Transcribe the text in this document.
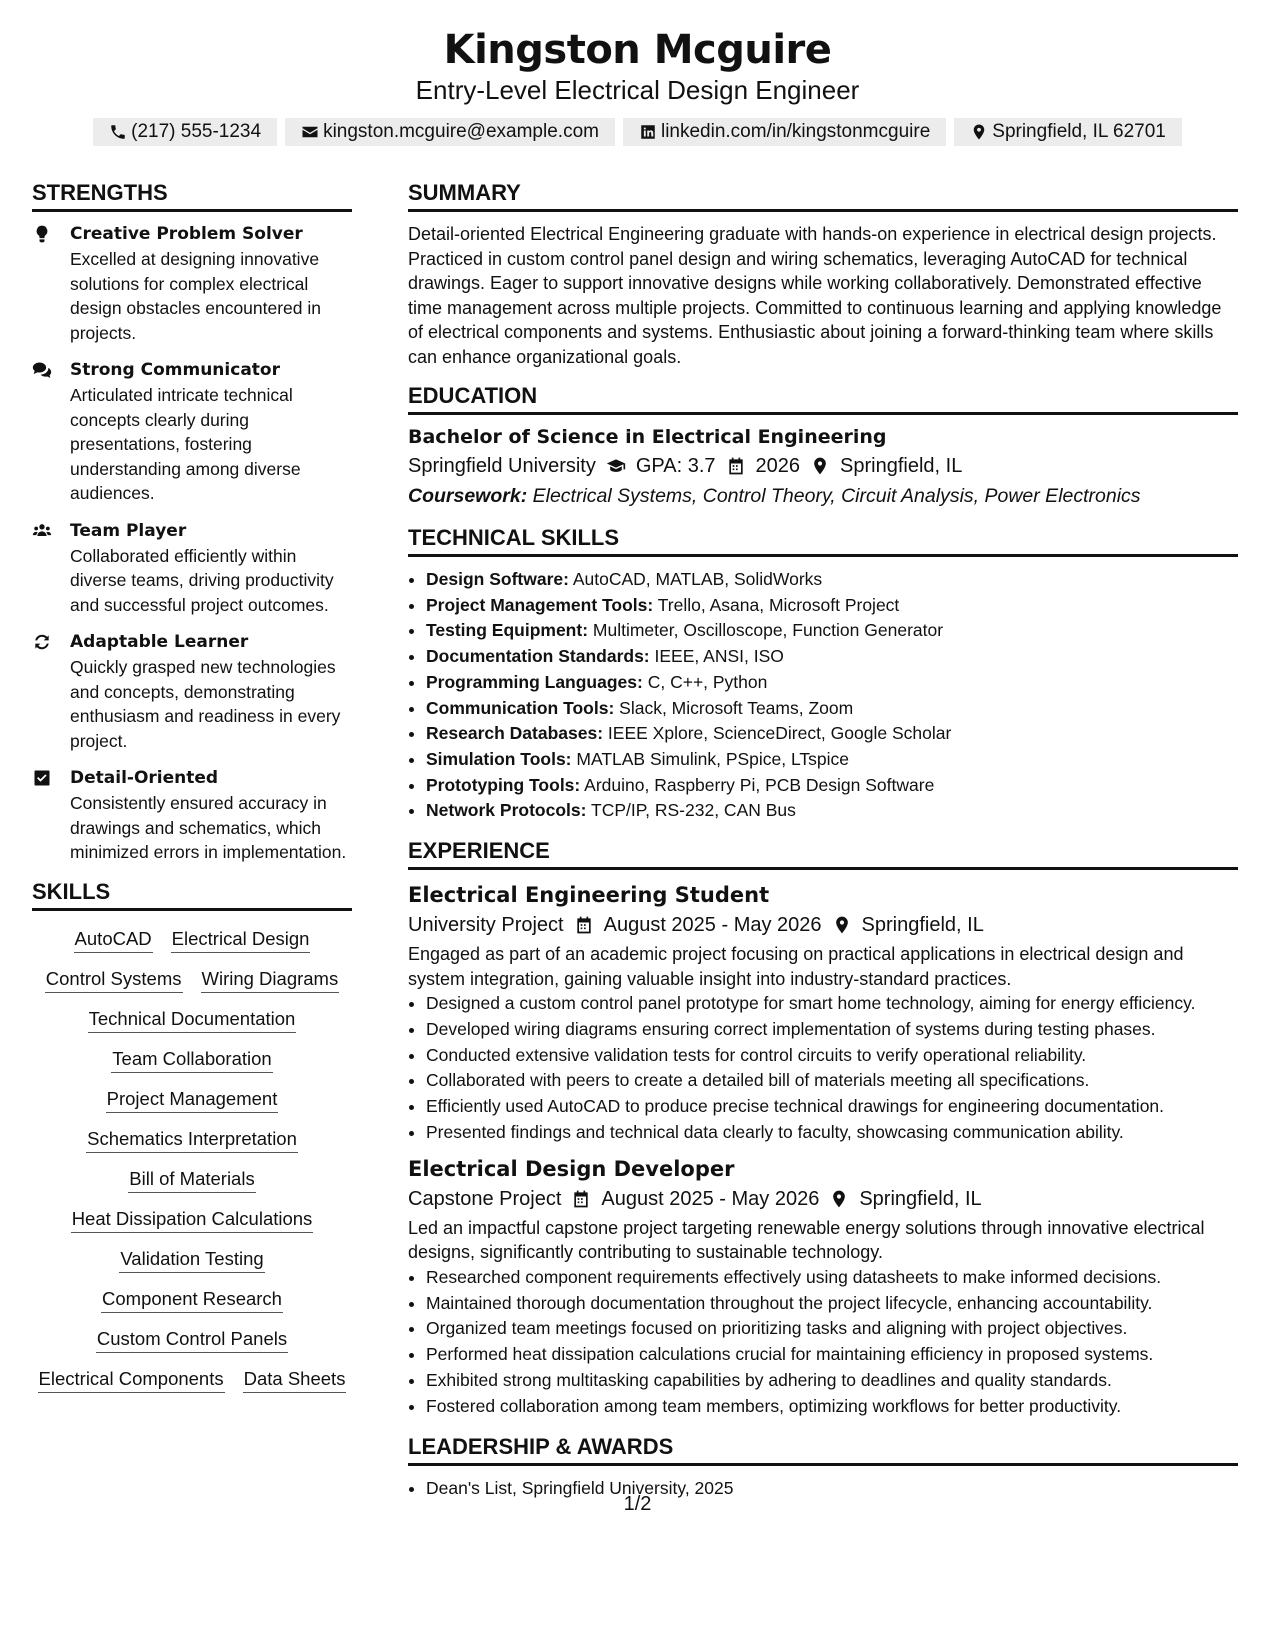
Kingston Mcguire
Entry-Level Electrical Design Engineer
(217) 555-1234	kingston.mcguire@example.com	linkedin.com/in/kingstonmcguire	Springfield, IL 62701
STRENGTHS
Creative Problem Solver
Excelled at designing innovative solutions for complex electrical design obstacles encountered in projects.
Strong Communicator
Articulated intricate technical concepts clearly during presentations, fostering understanding among diverse audiences.
Team Player
Collaborated efficiently within diverse teams, driving productivity and successful project outcomes.
Adaptable Learner
Quickly grasped new technologies and concepts, demonstrating enthusiasm and readiness in every project.
Detail-Oriented
Consistently ensured accuracy in drawings and schematics, which minimized errors in implementation.
SKILLS
AutoCAD Electrical Design
Control Systems Wiring Diagrams
Technical Documentation
Team Collaboration
Project Management
Schematics Interpretation
Bill of Materials
Heat Dissipation Calculations
Validation Testing
Component Research
Custom Control Panels
Electrical Components Data Sheets
SUMMARY
Detail-oriented Electrical Engineering graduate with hands-on experience in electrical design projects. Practiced in custom control panel design and wiring schematics, leveraging AutoCAD for technical drawings. Eager to support innovative designs while working collaboratively. Demonstrated effective time management across multiple projects. Committed to continuous learning and applying knowledge of electrical components and systems. Enthusiastic about joining a forward-thinking team where skills can enhance organizational goals.
EDUCATION
Bachelor of Science in Electrical Engineering
Springfield University GPA: 3.7 2026 Springfield, IL
Coursework: Electrical Systems, Control Theory, Circuit Analysis, Power Electronics
TECHNICAL SKILLS
• Design Software: AutoCAD, MATLAB, SolidWorks
• Project Management Tools: Trello, Asana, Microsoft Project
• Testing Equipment: Multimeter, Oscilloscope, Function Generator
• Documentation Standards: IEEE, ANSI, ISO
• Programming Languages: C, C++, Python
• Communication Tools: Slack, Microsoft Teams, Zoom
• Research Databases: IEEE Xplore, ScienceDirect, Google Scholar
• Simulation Tools: MATLAB Simulink, PSpice, LTspice
• Prototyping Tools: Arduino, Raspberry Pi, PCB Design Software
• Network Protocols: TCP/IP, RS-232, CAN Bus
EXPERIENCE
Electrical Engineering Student
University Project August 2025 - May 2026 Springfield, IL
Engaged as part of an academic project focusing on practical applications in electrical design and system integration, gaining valuable insight into industry-standard practices.
• Designed a custom control panel prototype for smart home technology, aiming for energy efficiency.
• Developed wiring diagrams ensuring correct implementation of systems during testing phases.
• Conducted extensive validation tests for control circuits to verify operational reliability.
• Collaborated with peers to create a detailed bill of materials meeting all specifications.
• Efficiently used AutoCAD to produce precise technical drawings for engineering documentation.
• Presented findings and technical data clearly to faculty, showcasing communication ability.
Electrical Design Developer
Capstone Project August 2025 - May 2026 Springfield, IL
Led an impactful capstone project targeting renewable energy solutions through innovative electrical designs, significantly contributing to sustainable technology.
• Researched component requirements effectively using datasheets to make informed decisions.
• Maintained thorough documentation throughout the project lifecycle, enhancing accountability.
• Organized team meetings focused on prioritizing tasks and aligning with project objectives.
• Performed heat dissipation calculations crucial for maintaining efficiency in proposed systems.
• Exhibited strong multitasking capabilities by adhering to deadlines and quality standards.
• Fostered collaboration among team members, optimizing workflows for better productivity.
LEADERSHIP & AWARDS
• Dean's List, Springfield University, 2025
1/2
